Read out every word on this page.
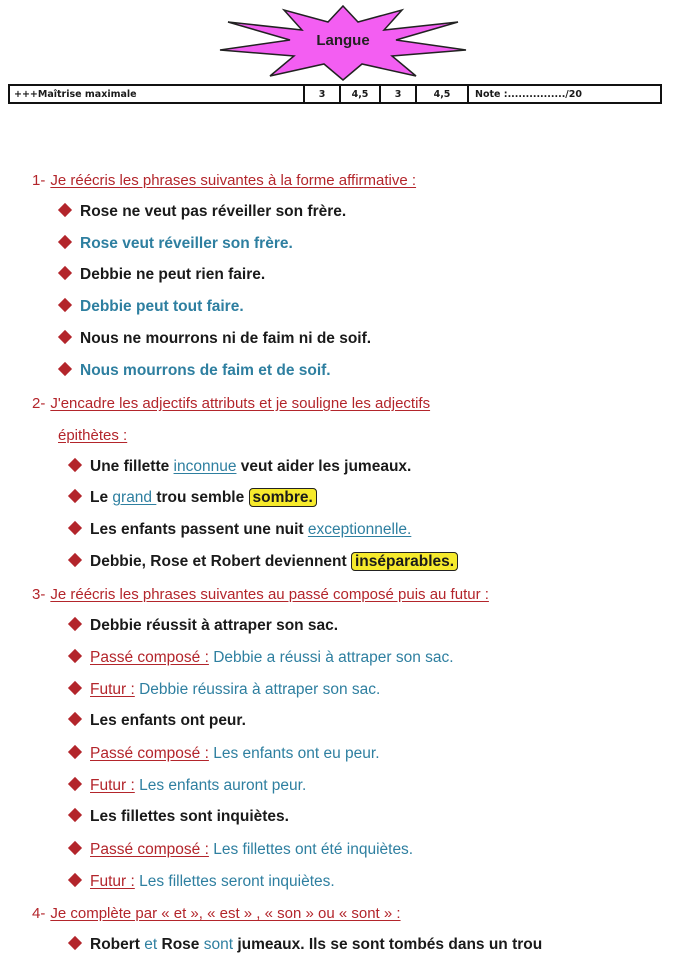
Langue
+++Maîtrise maximale	3	4,5	3	4,5	Note :................/20
1- Je réécris les phrases suivantes à la forme affirmative :
Rose ne veut pas réveiller son frère.
Rose veut réveiller son frère.
Debbie ne peut rien faire.
Debbie peut tout faire.
Nous ne mourrons ni de faim ni de soif.
Nous mourrons de faim et de soif.
2- J'encadre les adjectifs attributs et je souligne les adjectifs
épithètes :
Une fillette inconnue veut aider les jumeaux.
Le grand trou semble sombre.
Les enfants passent une nuit exceptionnelle.
Debbie, Rose et Robert deviennent inséparables.
3- Je réécris les phrases suivantes au passé composé puis au futur :
Debbie réussit à attraper son sac.
Passé composé : Debbie a réussi à attraper son sac.
Futur : Debbie réussira à attraper son sac.
Les enfants ont peur.
Passé composé : Les enfants ont eu peur.
Futur : Les enfants auront peur.
Les fillettes sont inquiètes.
Passé composé : Les fillettes ont été inquiètes.
Futur : Les fillettes seront inquiètes.
4- Je complète par « et », « est » , « son » ou « sont » :
Robert et Rose sont jumeaux. Ils se sont tombés dans un trou
